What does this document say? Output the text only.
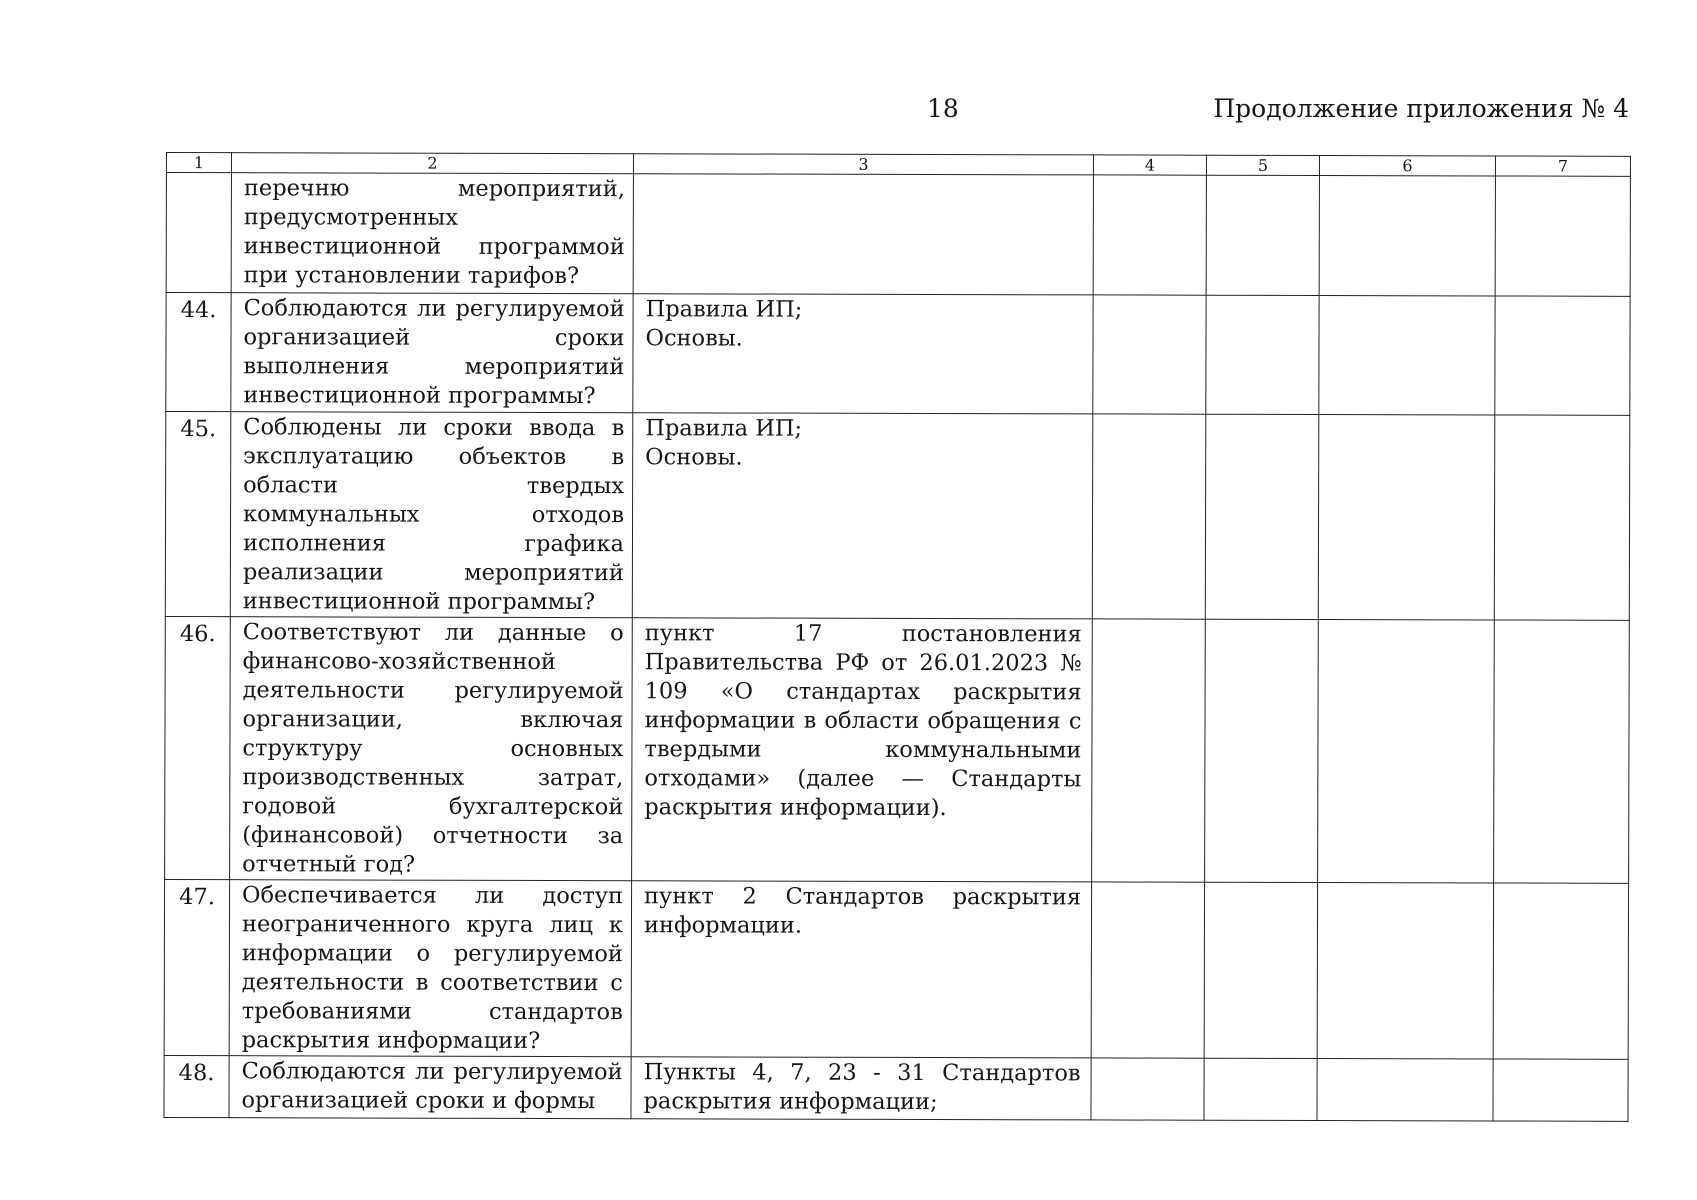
18	Продолжение приложения № 4
1	2	3	4	5	6	7
	перечню мероприятий, предусмотренных инвестиционной программой при установлении тарифов?					
44.	Соблюдаются ли регулируемой организацией сроки выполнения мероприятий инвестиционной программы?	Правила ИП;
Основы.				

45.	Соблюдены ли сроки ввода в эксплуатацию объектов в области твердых коммунальных отходов исполнения графика реализации мероприятий инвестиционной программы?	Правила ИП;
Основы.				

46.	Соответствуют ли данные о финансово-хозяйственной деятельности регулируемой организации, включая структуру основных производственных затрат, годовой бухгалтерской (финансовой) отчетности за отчетный год?	пункт 17 постановления Правительства РФ от 26.01.2023 № 109 «О стандартах раскрытия информации в области обращения с твердыми коммунальными отходами» (далее — Стандарты раскрытия информации).				
47.	Обеспечивается ли доступ неограниченного круга лиц к информации о регулируемой деятельности в соответствии с требованиями стандартов раскрытия информации?	пункт 2 Стандартов раскрытия информации.				
48.	Соблюдаются ли регулируемой организацией сроки и формы	Пункты 4, 7, 23 - 31 Стандартов раскрытия информации;				
